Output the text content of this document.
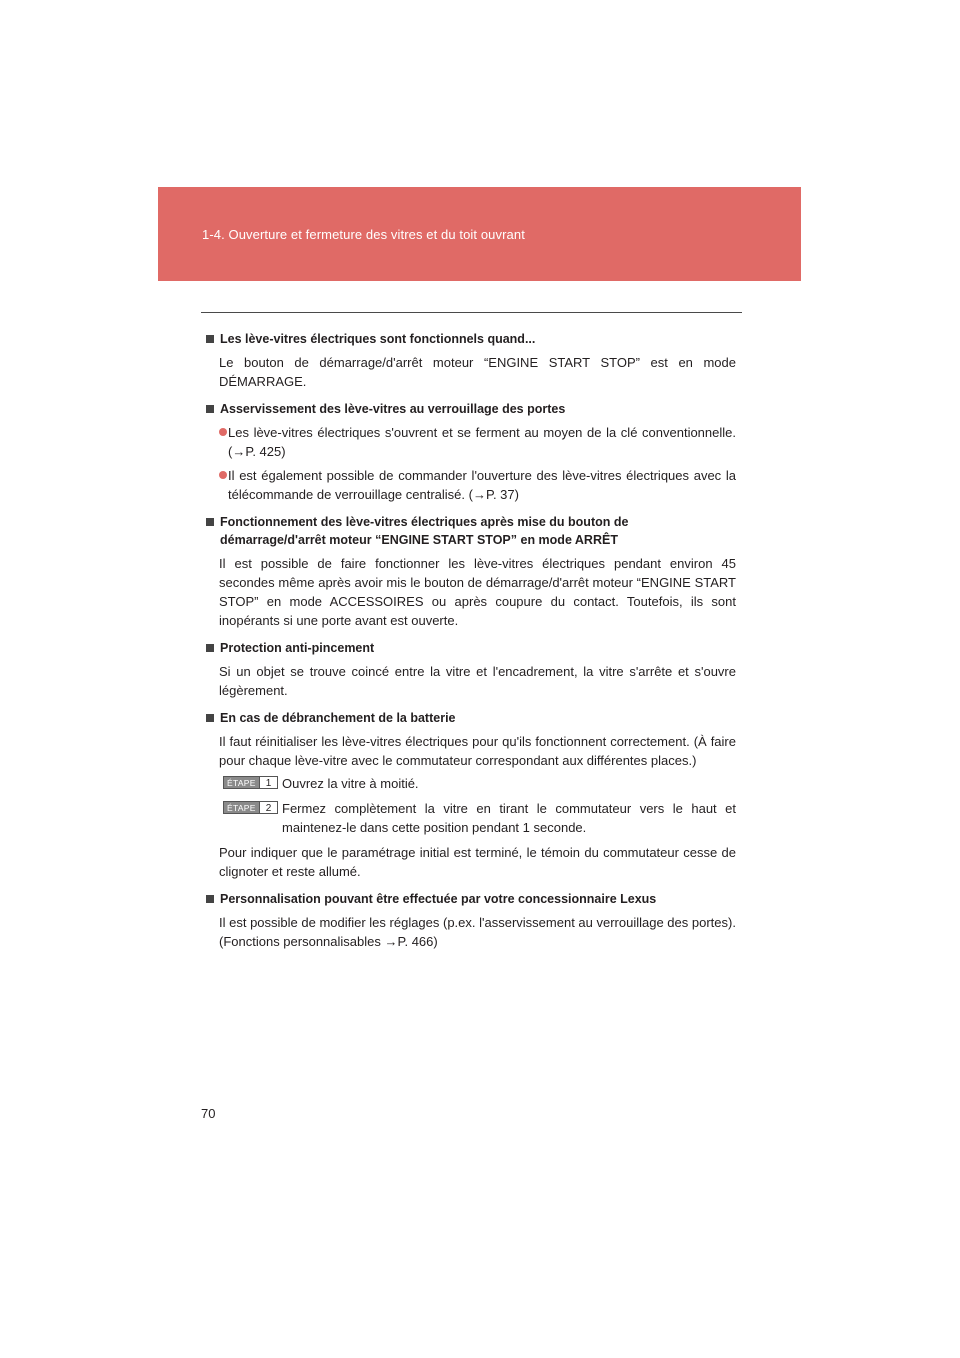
1-4. Ouverture et fermeture des vitres et du toit ouvrant
Les lève-vitres électriques sont fonctionnels quand...
Le bouton de démarrage/d'arrêt moteur “ENGINE START STOP” est en mode DÉMARRAGE.
Asservissement des lève-vitres au verrouillage des portes
Les lève-vitres électriques s'ouvrent et se ferment au moyen de la clé conventionnelle. (→P. 425)
Il est également possible de commander l'ouverture des lève-vitres électriques avec la télécommande de verrouillage centralisé. (→P. 37)
Fonctionnement des lève-vitres électriques après mise du bouton de démarrage/d'arrêt moteur “ENGINE START STOP” en mode ARRÊT
Il est possible de faire fonctionner les lève-vitres électriques pendant environ 45 secondes même après avoir mis le bouton de démarrage/d'arrêt moteur “ENGINE START STOP” en mode ACCESSOIRES ou après coupure du contact. Toutefois, ils sont inopérants si une porte avant est ouverte.
Protection anti-pincement
Si un objet se trouve coincé entre la vitre et l'encadrement, la vitre s'arrête et s'ouvre légèrement.
En cas de débranchement de la batterie
Il faut réinitialiser les lève-vitres électriques pour qu'ils fonctionnent correctement. (À faire pour chaque lève-vitre avec le commutateur correspondant aux différentes places.)
ÉTAPE	1 Ouvrez la vitre à moitié.
ÉTAPE	2 Fermez complètement la vitre en tirant le commutateur vers le haut et maintenez-le dans cette position pendant 1 seconde.
Pour indiquer que le paramétrage initial est terminé, le témoin du commutateur cesse de clignoter et reste allumé.
Personnalisation pouvant être effectuée par votre concessionnaire Lexus
Il est possible de modifier les réglages (p.ex. l'asservissement au verrouillage des portes).
(Fonctions personnalisables →P. 466)
70
